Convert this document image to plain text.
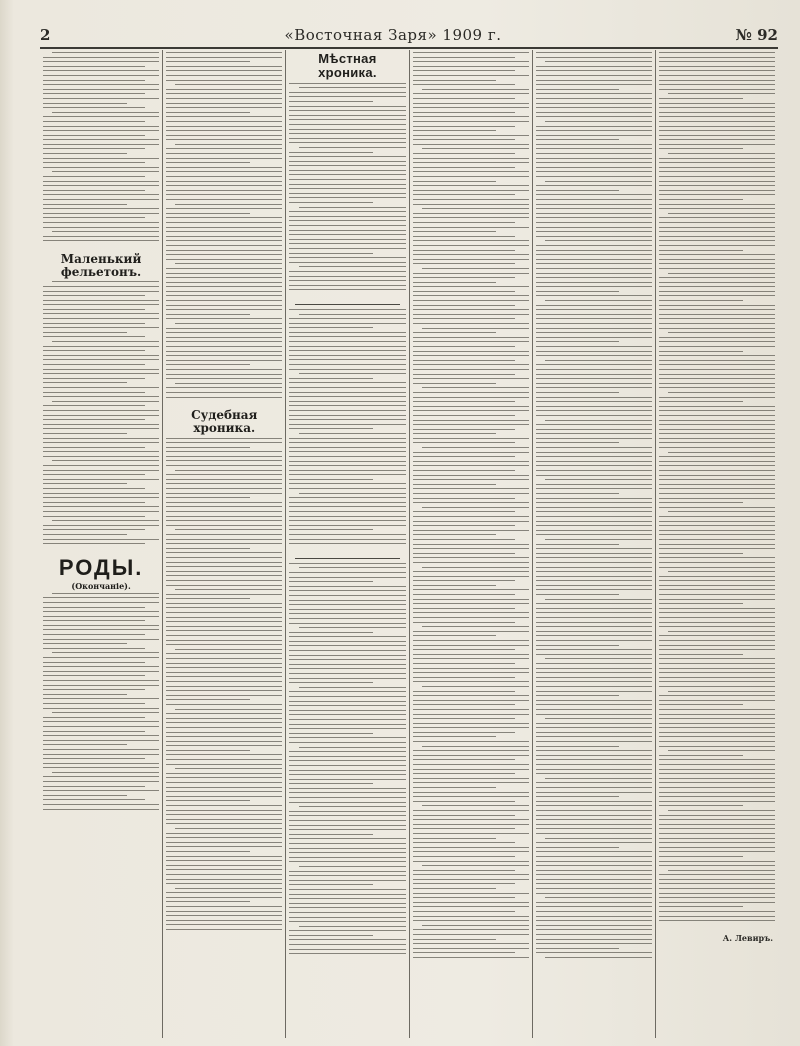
2	«Восточная Заря» 1909 г.	№ 92
Маленький фельетонъ.
РОДЫ.
(Окончаніе).
Судебная хроника.
Мѣстная хроника.
А. Левиръ.
